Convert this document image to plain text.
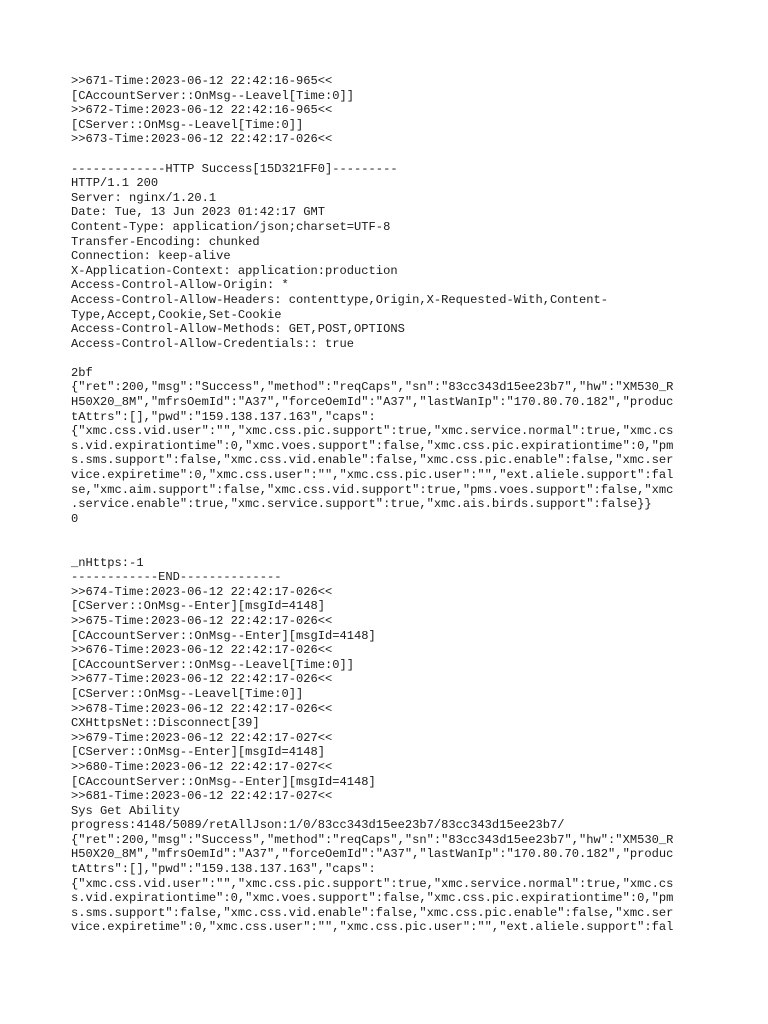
>>671-Time:2023-06-12 22:42:16-965<<
[CAccountServer::OnMsg--Leavel[Time:0]]
>>672-Time:2023-06-12 22:42:16-965<<
[CServer::OnMsg--Leavel[Time:0]]
>>673-Time:2023-06-12 22:42:17-026<<
-------------HTTP Success[15D321FF0]---------
HTTP/1.1 200
Server: nginx/1.20.1
Date: Tue, 13 Jun 2023 01:42:17 GMT
Content-Type: application/json;charset=UTF-8
Transfer-Encoding: chunked
Connection: keep-alive
X-Application-Context: application:production
Access-Control-Allow-Origin: *
Access-Control-Allow-Headers: contenttype,Origin,X-Requested-With,Content-
Type,Accept,Cookie,Set-Cookie
Access-Control-Allow-Methods: GET,POST,OPTIONS
Access-Control-Allow-Credentials:: true
2bf
{"ret":200,"msg":"Success","method":"reqCaps","sn":"83cc343d15ee23b7","hw":"XM530_R
H50X20_8M","mfrsOemId":"A37","forceOemId":"A37","lastWanIp":"170.80.70.182","produc
tAttrs":[],"pwd":"159.138.137.163","caps":
{"xmc.css.vid.user":"","xmc.css.pic.support":true,"xmc.service.normal":true,"xmc.cs
s.vid.expirationtime":0,"xmc.voes.support":false,"xmc.css.pic.expirationtime":0,"pm
s.sms.support":false,"xmc.css.vid.enable":false,"xmc.css.pic.enable":false,"xmc.ser
vice.expiretime":0,"xmc.css.user":"","xmc.css.pic.user":"","ext.aliele.support":fal
se,"xmc.aim.support":false,"xmc.css.vid.support":true,"pms.voes.support":false,"xmc
.service.enable":true,"xmc.service.support":true,"xmc.ais.birds.support":false}}
0
_nHttps:-1
------------END--------------
>>674-Time:2023-06-12 22:42:17-026<<
[CServer::OnMsg--Enter][msgId=4148]
>>675-Time:2023-06-12 22:42:17-026<<
[CAccountServer::OnMsg--Enter][msgId=4148]
>>676-Time:2023-06-12 22:42:17-026<<
[CAccountServer::OnMsg--Leavel[Time:0]]
>>677-Time:2023-06-12 22:42:17-026<<
[CServer::OnMsg--Leavel[Time:0]]
>>678-Time:2023-06-12 22:42:17-026<<
CXHttpsNet::Disconnect[39]
>>679-Time:2023-06-12 22:42:17-027<<
[CServer::OnMsg--Enter][msgId=4148]
>>680-Time:2023-06-12 22:42:17-027<<
[CAccountServer::OnMsg--Enter][msgId=4148]
>>681-Time:2023-06-12 22:42:17-027<<
Sys Get Ability
progress:4148/5089/retAllJson:1/0/83cc343d15ee23b7/83cc343d15ee23b7/
{"ret":200,"msg":"Success","method":"reqCaps","sn":"83cc343d15ee23b7","hw":"XM530_R
H50X20_8M","mfrsOemId":"A37","forceOemId":"A37","lastWanIp":"170.80.70.182","produc
tAttrs":[],"pwd":"159.138.137.163","caps":
{"xmc.css.vid.user":"","xmc.css.pic.support":true,"xmc.service.normal":true,"xmc.cs
s.vid.expirationtime":0,"xmc.voes.support":false,"xmc.css.pic.expirationtime":0,"pm
s.sms.support":false,"xmc.css.vid.enable":false,"xmc.css.pic.enable":false,"xmc.ser
vice.expiretime":0,"xmc.css.user":"","xmc.css.pic.user":"","ext.aliele.support":fal
